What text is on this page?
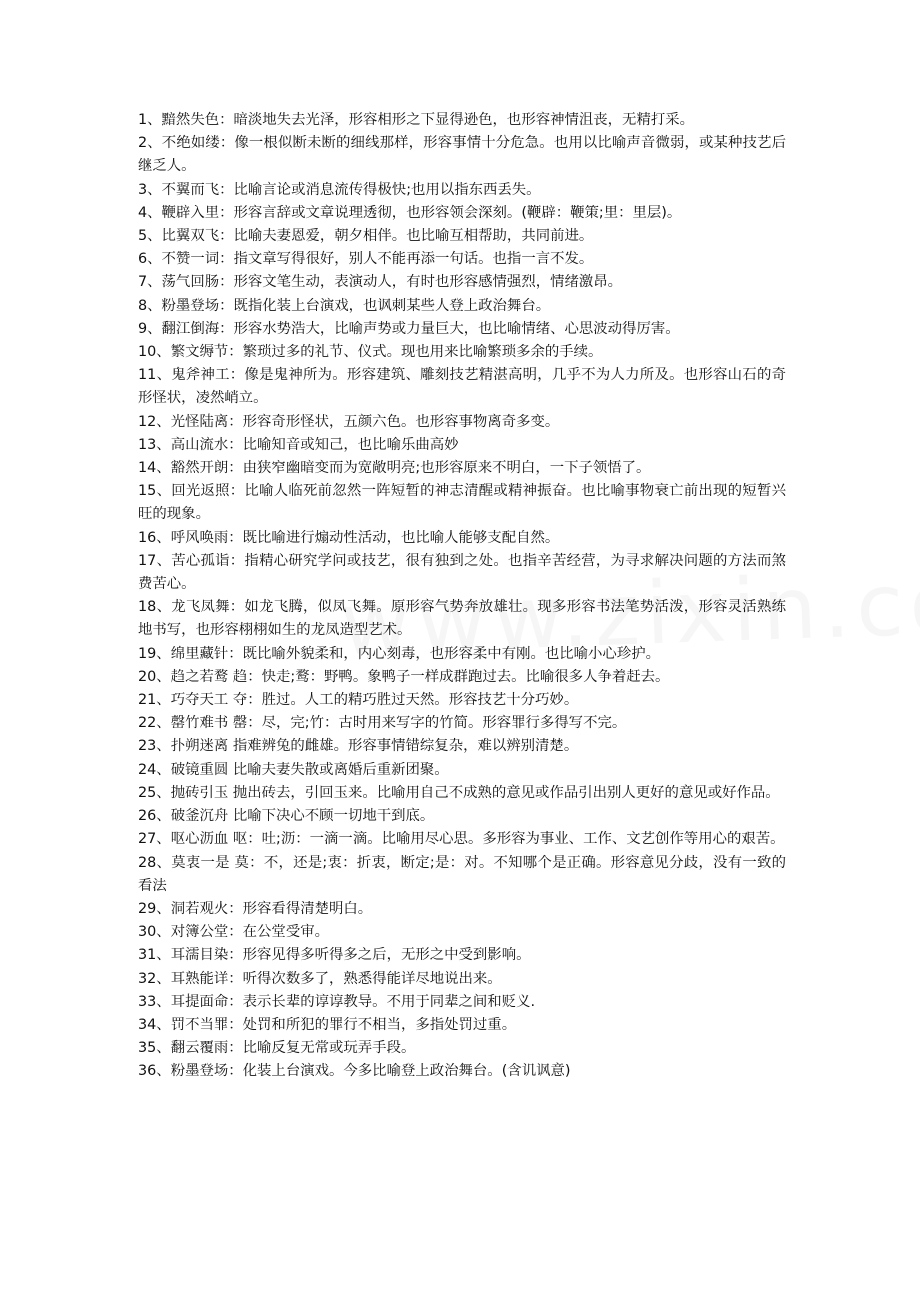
1、黯然失色：暗淡地失去光泽，形容相形之下显得逊色，也形容神情沮丧，无精打采。

2、不绝如缕：像一根似断未断的细线那样，形容事情十分危急。也用以比喻声音微弱，或某种技艺后继乏人。

3、不翼而飞：比喻言论或消息流传得极快;也用以指东西丢失。

4、鞭辟入里：形容言辞或文章说理透彻，也形容领会深刻。(鞭辟：鞭策;里：里层)。

5、比翼双飞：比喻夫妻恩爱，朝夕相伴。也比喻互相帮助，共同前进。

6、不赞一词：指文章写得很好，别人不能再添一句话。也指一言不发。

7、荡气回肠：形容文笔生动，表演动人，有时也形容感情强烈，情绪激昂。

8、粉墨登场：既指化装上台演戏，也讽刺某些人登上政治舞台。

9、翻江倒海：形容水势浩大，比喻声势或力量巨大，也比喻情绪、心思波动得厉害。

10、繁文缛节：繁琐过多的礼节、仪式。现也用来比喻繁琐多余的手续。

11、鬼斧神工：像是鬼神所为。形容建筑、雕刻技艺精湛高明，几乎不为人力所及。也形容山石的奇形怪状，凌然峭立。

12、光怪陆离：形容奇形怪状，五颜六色。也形容事物离奇多变。

13、高山流水：比喻知音或知己，也比喻乐曲高妙

14、豁然开朗：由狭窄幽暗变而为宽敞明亮;也形容原来不明白，一下子领悟了。

15、回光返照：比喻人临死前忽然一阵短暂的神志清醒或精神振奋。也比喻事物衰亡前出现的短暂兴旺的现象。

16、呼风唤雨：既比喻进行煽动性活动，也比喻人能够支配自然。

17、苦心孤诣：指精心研究学问或技艺，很有独到之处。也指辛苦经营，为寻求解决问题的方法而煞费苦心。

18、龙飞凤舞：如龙飞腾，似凤飞舞。原形容气势奔放雄壮。现多形容书法笔势活泼，形容灵活熟练地书写，也形容栩栩如生的龙凤造型艺术。

19、绵里藏针：既比喻外貌柔和，内心刻毒，也形容柔中有刚。也比喻小心珍护。

20、趋之若鹜 趋：快走;鹜：野鸭。象鸭子一样成群跑过去。比喻很多人争着赶去。

21、巧夺天工 夺：胜过。人工的精巧胜过天然。形容技艺十分巧妙。

22、罄竹难书 罄：尽，完;竹：古时用来写字的竹简。形容罪行多得写不完。

23、扑朔迷离 指难辨兔的雌雄。形容事情错综复杂，难以辨别清楚。

24、破镜重圆 比喻夫妻失散或离婚后重新团聚。

25、抛砖引玉 抛出砖去，引回玉来。比喻用自己不成熟的意见或作品引出别人更好的意见或好作品。

26、破釜沉舟 比喻下决心不顾一切地干到底。

27、呕心沥血 呕：吐;沥：一滴一滴。比喻用尽心思。多形容为事业、工作、文艺创作等用心的艰苦。

28、莫衷一是 莫：不，还是;衷：折衷，断定;是：对。不知哪个是正确。形容意见分歧，没有一致的看法

29、洞若观火：形容看得清楚明白。

30、对簿公堂：在公堂受审。

31、耳濡目染：形容见得多听得多之后，无形之中受到影响。

32、耳熟能详：听得次数多了，熟悉得能详尽地说出来。

33、耳提面命：表示长辈的谆谆教导。不用于同辈之间和贬义.

34、罚不当罪：处罚和所犯的罪行不相当，多指处罚过重。

35、翻云覆雨：比喻反复无常或玩弄手段。

36、粉墨登场：化装上台演戏。今多比喻登上政治舞台。(含讥讽意)
